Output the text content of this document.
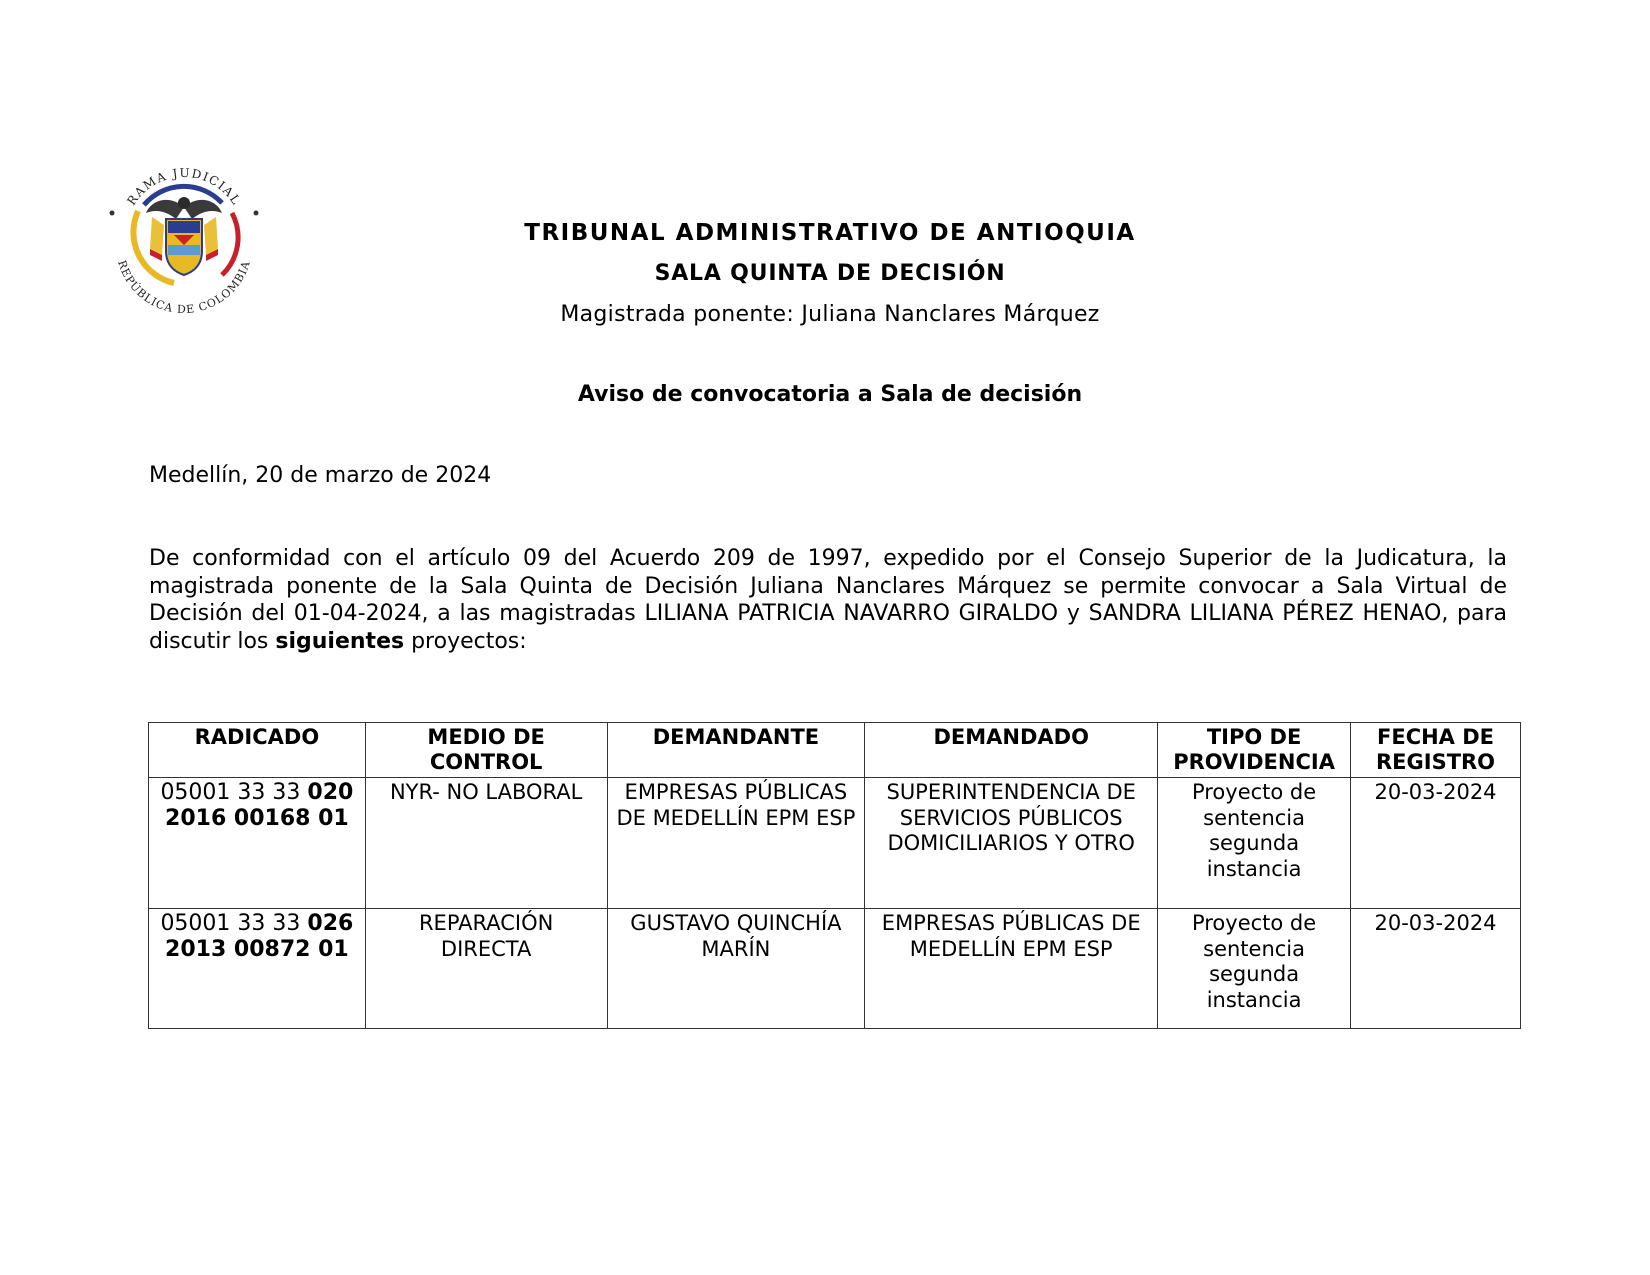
RAMA JUDICIAL
REPÚBLICA DE COLOMBIA
TRIBUNAL ADMINISTRATIVO DE ANTIOQUIA
SALA QUINTA DE DECISIÓN
Magistrada ponente: Juliana Nanclares Márquez
Aviso de convocatoria a Sala de decisión
Medellín, 20 de marzo de 2024
De conformidad con el artículo 09 del Acuerdo 209 de 1997, expedido por el Consejo Superior de la Judicatura, la magistrada ponente de la Sala Quinta de Decisión Juliana Nanclares Márquez se permite convocar a Sala Virtual de Decisión del 01-04-2024, a las magistradas LILIANA PATRICIA NAVARRO GIRALDO y SANDRA LILIANA PÉREZ HENAO, para discutir los siguientes proyectos:
RADICADO	MEDIO DE CONTROL	DEMANDANTE	DEMANDADO	TIPO DE PROVIDENCIA	FECHA DE REGISTRO
05001 33 33 020
2016 00168 01	NYR- NO LABORAL	EMPRESAS PÚBLICAS DE MEDELLÍN EPM ESP	SUPERINTENDENCIA DE SERVICIOS PÚBLICOS DOMICILIARIOS Y OTRO	Proyecto de sentencia segunda instancia	20-03-2024
05001 33 33 026
2013 00872 01	REPARACIÓN DIRECTA	GUSTAVO QUINCHÍA MARÍN	EMPRESAS PÚBLICAS DE MEDELLÍN EPM ESP	Proyecto de sentencia segunda instancia	20-03-2024
